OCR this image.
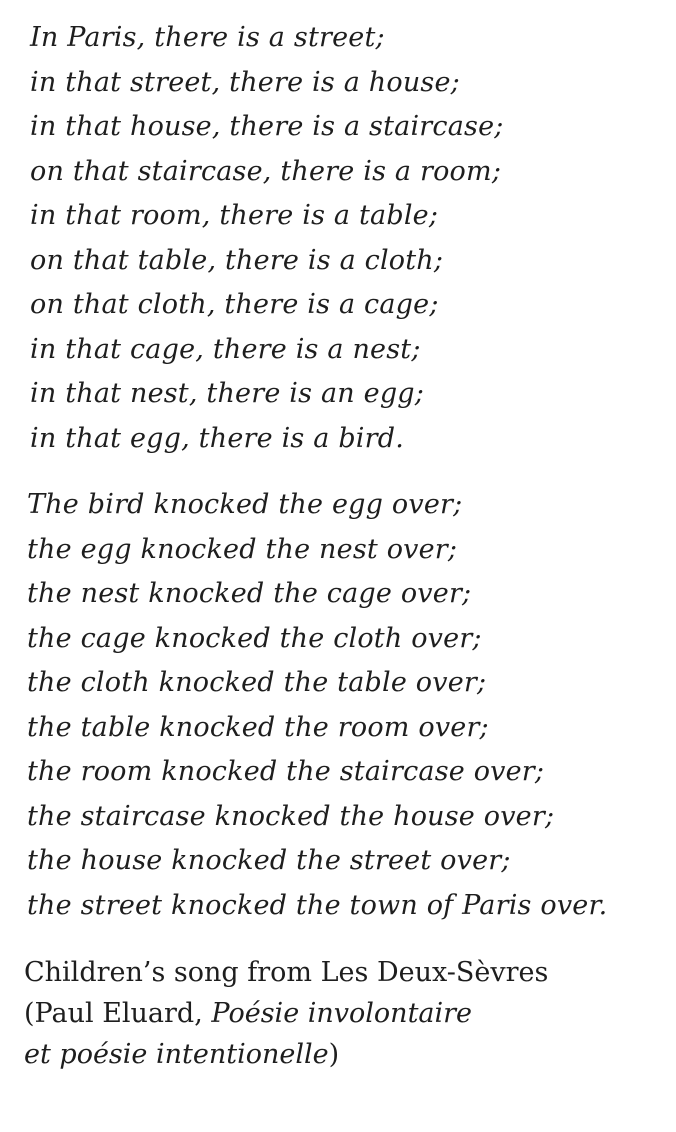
In Paris, there is a street;
in that street, there is a house;
in that house, there is a staircase;
on that staircase, there is a room;
in that room, there is a table;
on that table, there is a cloth;
on that cloth, there is a cage;
in that cage, there is a nest;
in that nest, there is an egg;
in that egg, there is a bird.
The bird knocked the egg over;
the egg knocked the nest over;
the nest knocked the cage over;
the cage knocked the cloth over;
the cloth knocked the table over;
the table knocked the room over;
the room knocked the staircase over;
the staircase knocked the house over;
the house knocked the street over;
the street knocked the town of Paris over.
Children’s song from Les Deux-Sèvres
(Paul Eluard, Poésie involontaire
et poésie intentionelle)
